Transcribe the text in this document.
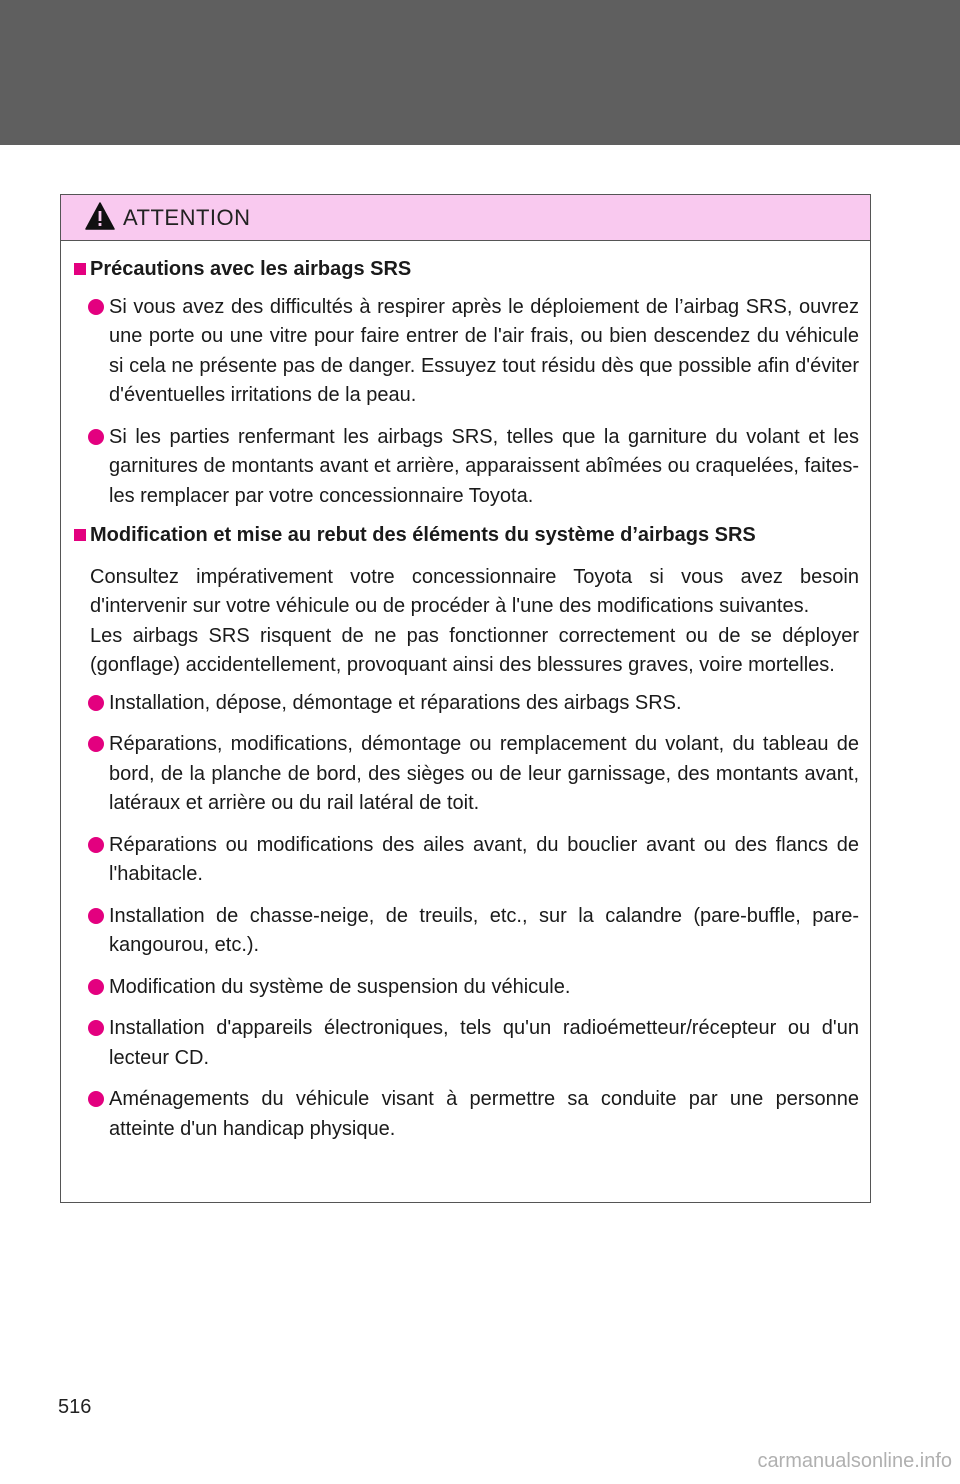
ATTENTION
Précautions avec les airbags SRS
Si vous avez des difficultés à respirer après le déploiement de l’airbag SRS, ouvrez une porte ou une vitre pour faire entrer de l'air frais, ou bien descendez du véhicule si cela ne présente pas de danger. Essuyez tout résidu dès que possible afin d'éviter d'éventuelles irritations de la peau.
Si les parties renfermant les airbags SRS, telles que la garniture du volant et les garnitures de montants avant et arrière, apparaissent abîmées ou craquelées, faites-les remplacer par votre concessionnaire Toyota.
Modification et mise au rebut des éléments du système d’airbags SRS

Consultez impérativement votre concessionnaire Toyota si vous avez besoin d'intervenir sur votre véhicule ou de procéder à l'une des modifications suivantes.

Les airbags SRS risquent de ne pas fonctionner correctement ou de se déployer (gonflage) accidentellement, provoquant ainsi des blessures graves, voire mortelles.

Installation, dépose, démontage et réparations des airbags SRS.
Réparations, modifications, démontage ou remplacement du volant, du tableau de bord, de la planche de bord, des sièges ou de leur garnissage, des montants avant, latéraux et arrière ou du rail latéral de toit.
Réparations ou modifications des ailes avant, du bouclier avant ou des flancs de l'habitacle.
Installation de chasse-neige, de treuils, etc., sur la calandre (pare-buffle, pare-kangourou, etc.).
Modification du système de suspension du véhicule.
Installation d'appareils électroniques, tels qu'un radioémetteur/récepteur ou d'un lecteur CD.
Aménagements du véhicule visant à permettre sa conduite par une personne atteinte d'un handicap physique.
516
carmanualsonline.info
